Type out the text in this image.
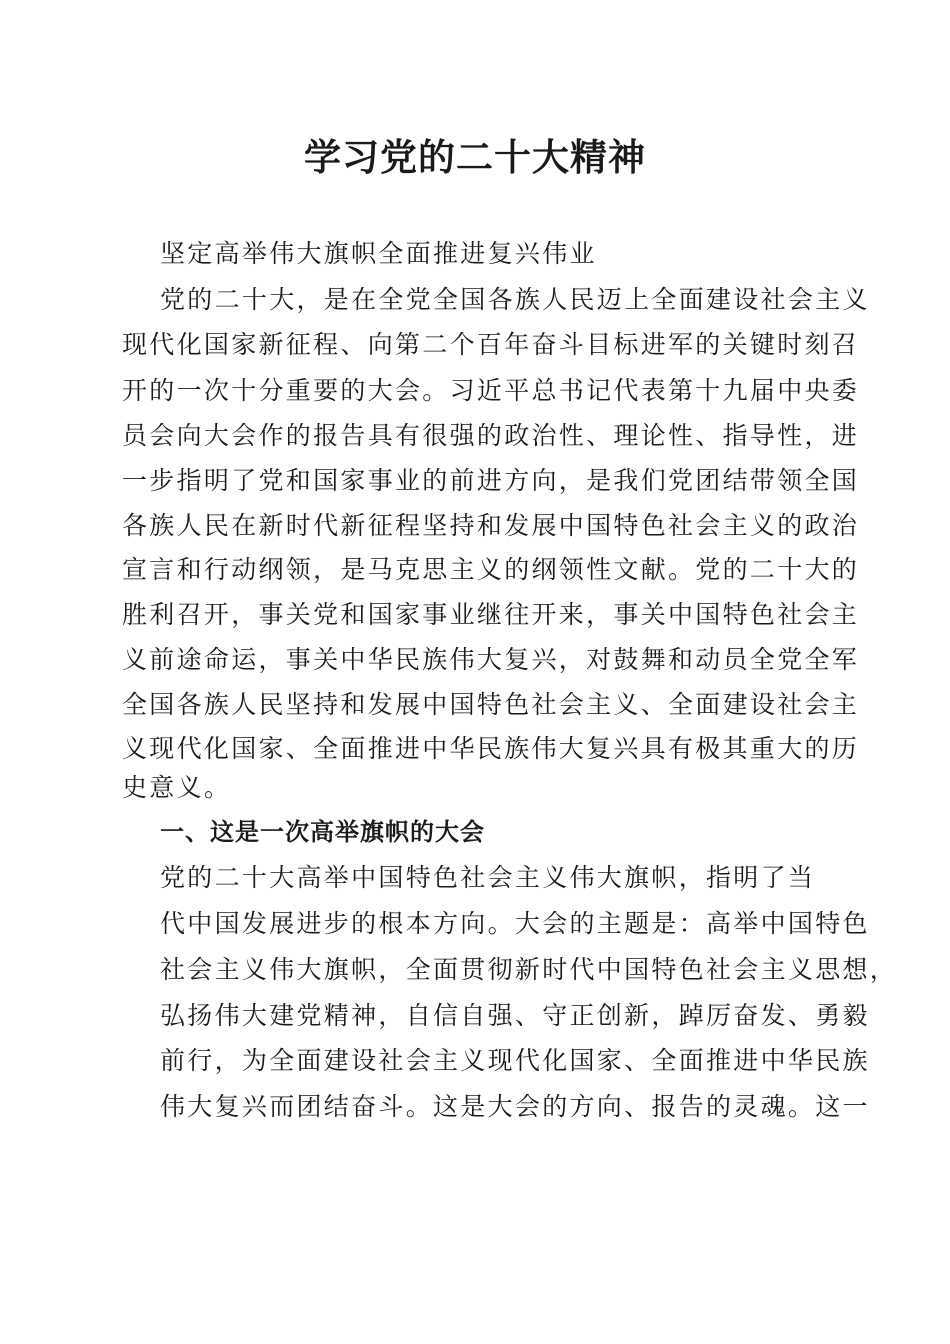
学习党的二十大精神
坚定高举伟大旗帜全面推进复兴伟业
党的二十大，是在全党全国各族人民迈上全面建设社会主义
现代化国家新征程、向第二个百年奋斗目标进军的关键时刻召
开的一次十分重要的大会。习近平总书记代表第十九届中央委
员会向大会作的报告具有很强的政治性、理论性、指导性，进
一步指明了党和国家事业的前进方向，是我们党团结带领全国
各族人民在新时代新征程坚持和发展中国特色社会主义的政治
宣言和行动纲领，是马克思主义的纲领性文献。党的二十大的
胜利召开，事关党和国家事业继往开来，事关中国特色社会主
义前途命运，事关中华民族伟大复兴，对鼓舞和动员全党全军
全国各族人民坚持和发展中国特色社会主义、全面建设社会主
义现代化国家、全面推进中华民族伟大复兴具有极其重大的历
史意义。
一、这是一次高举旗帜的大会
党的二十大高举中国特色社会主义伟大旗帜，指明了当
代中国发展进步的根本方向。大会的主题是：高举中国特色
社会主义伟大旗帜，全面贯彻新时代中国特色社会主义思想，
弘扬伟大建党精神，自信自强、守正创新，踔厉奋发、勇毅
前行，为全面建设社会主义现代化国家、全面推进中华民族
伟大复兴而团结奋斗。这是大会的方向、报告的灵魂。这一
